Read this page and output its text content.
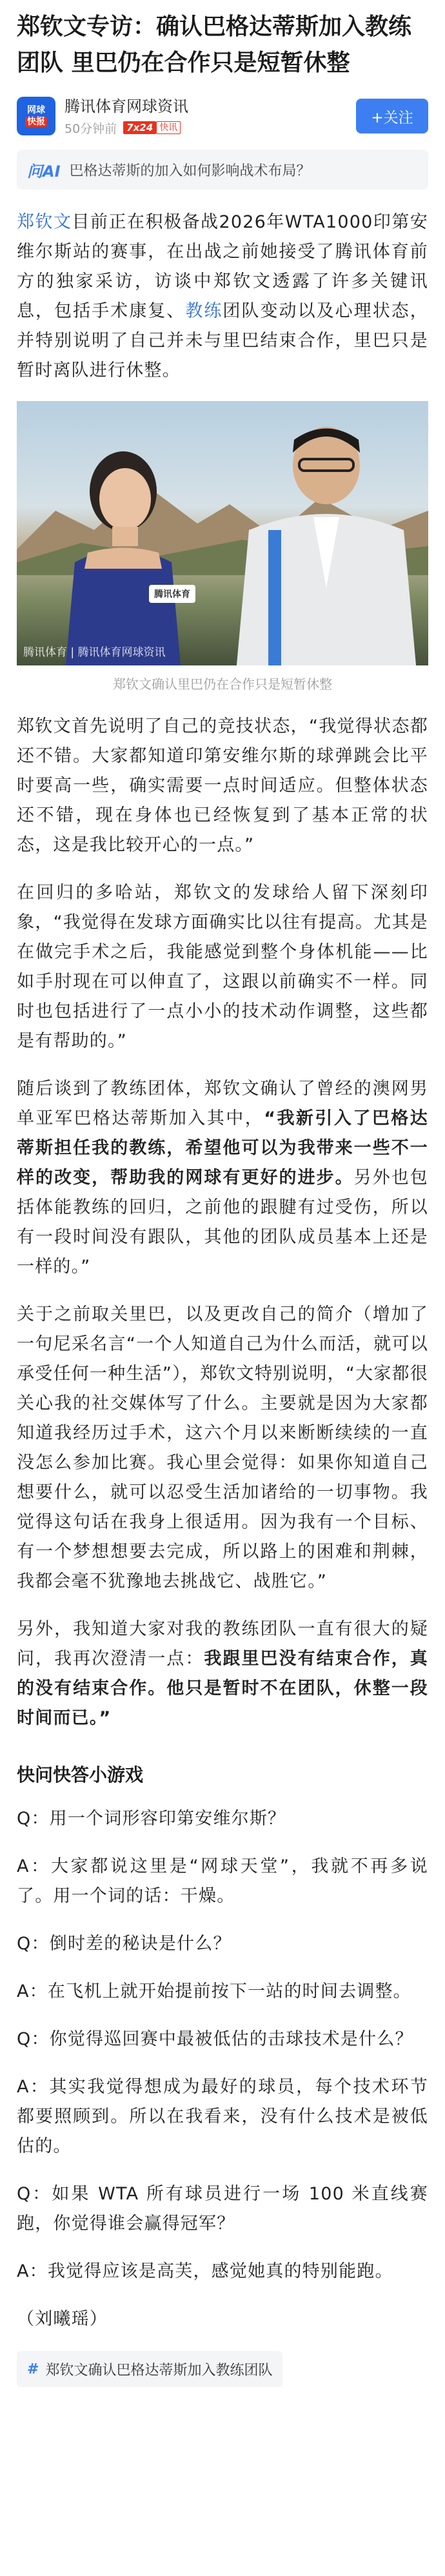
郑钦文专访：确认巴格达蒂斯加入教练团队 里巴仍在合作只是短暂休整
网球
快报
腾讯体育网球资讯
50分钟前	7x24 快讯
+关注
问AI 巴格达蒂斯的加入如何影响战术布局？

郑钦文目前正在积极备战2026年WTA1000印第安维尔斯站的赛事，在出战之前她接受了腾讯体育前方的独家采访，访谈中郑钦文透露了许多关键讯息，包括手术康复、教练团队变动以及心理状态，并特别说明了自己并未与里巴结束合作，里巴只是暂时离队进行休整。

腾讯体育
腾讯体育 | 腾讯体育网球资讯
郑钦文确认里巴仍在合作只是短暂休整

郑钦文首先说明了自己的竞技状态，“我觉得状态都还不错。大家都知道印第安维尔斯的球弹跳会比平时要高一些，确实需要一点时间适应。但整体状态还不错，现在身体也已经恢复到了基本正常的状态，这是我比较开心的一点。”

在回归的多哈站，郑钦文的发球给人留下深刻印象，“我觉得在发球方面确实比以往有提高。尤其是在做完手术之后，我能感觉到整个身体机能——比如手肘现在可以伸直了，这跟以前确实不一样。同时也包括进行了一点小小的技术动作调整，这些都是有帮助的。”

随后谈到了教练团体，郑钦文确认了曾经的澳网男单亚军巴格达蒂斯加入其中，“我新引入了巴格达蒂斯担任我的教练，希望他可以为我带来一些不一样的改变，帮助我的网球有更好的进步。另外也包括体能教练的回归，之前他的跟腱有过受伤，所以有一段时间没有跟队，其他的团队成员基本上还是一样的。”

关于之前取关里巴，以及更改自己的简介（增加了一句尼采名言“一个人知道自己为什么而活，就可以承受任何一种生活”），郑钦文特别说明，“大家都很关心我的社交媒体写了什么。主要就是因为大家都知道我经历过手术，这六个月以来断断续续的一直没怎么参加比赛。我心里会觉得：如果你知道自己想要什么，就可以忍受生活加诸给的一切事物。我觉得这句话在我身上很适用。因为我有一个目标、有一个梦想想要去完成，所以路上的困难和荆棘，我都会毫不犹豫地去挑战它、战胜它。”

另外，我知道大家对我的教练团队一直有很大的疑问，我再次澄清一点：我跟里巴没有结束合作，真的没有结束合作。他只是暂时不在团队，休整一段时间而已。”

快问快答小游戏

Q：用一个词形容印第安维尔斯？

A：大家都说这里是“网球天堂”，我就不再多说了。用一个词的话：干燥。

Q：倒时差的秘诀是什么？

A：在飞机上就开始提前按下一站的时间去调整。

Q：你觉得巡回赛中最被低估的击球技术是什么？

A：其实我觉得想成为最好的球员，每个技术环节都要照顾到。所以在我看来，没有什么技术是被低估的。

Q：如果 WTA 所有球员进行一场 100 米直线赛跑，你觉得谁会赢得冠军？

A：我觉得应该是高芙，感觉她真的特别能跑。

（刘曦瑶）

# 郑钦文确认巴格达蒂斯加入教练团队
